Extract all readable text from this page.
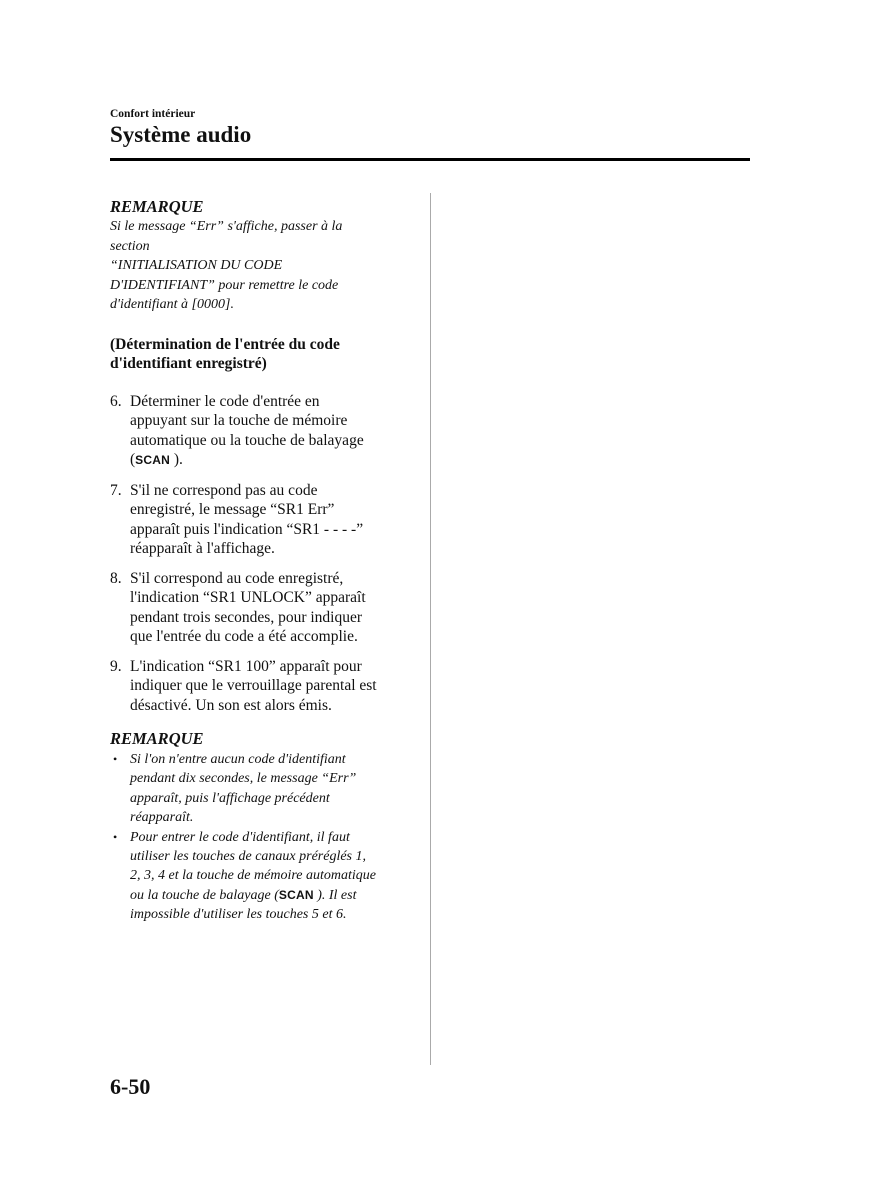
Confort intérieur
Système audio

REMARQUE

Si le message “Err” s'affiche, passer à la
section
“INITIALISATION DU CODE
D'IDENTIFIANT” pour remettre le code
d'identifiant à [0000].

(Détermination de l'entrée du code
d'identifiant enregistré)
6. Déterminer le code d'entrée en
appuyant sur la touche de mémoire
automatique ou la touche de balayage
(SCAN ).
7. S'il ne correspond pas au code
enregistré, le message “SR1 Err”
apparaît puis l'indication “SR1 - - - -”
réapparaît à l'affichage.
8. S'il correspond au code enregistré,
l'indication “SR1 UNLOCK” apparaît
pendant trois secondes, pour indiquer
que l'entrée du code a été accomplie.
9. L'indication “SR1 100” apparaît pour
indiquer que le verrouillage parental est
désactivé. Un son est alors émis.

REMARQUE

• Si l'on n'entre aucun code d'identifiant
pendant dix secondes, le message “Err”
apparaît, puis l'affichage précédent
réapparaît.
• Pour entrer le code d'identifiant, il faut
utiliser les touches de canaux préréglés 1,
2, 3, 4 et la touche de mémoire automatique
ou la touche de balayage (SCAN ). Il est
impossible d'utiliser les touches 5 et 6.
6-50
